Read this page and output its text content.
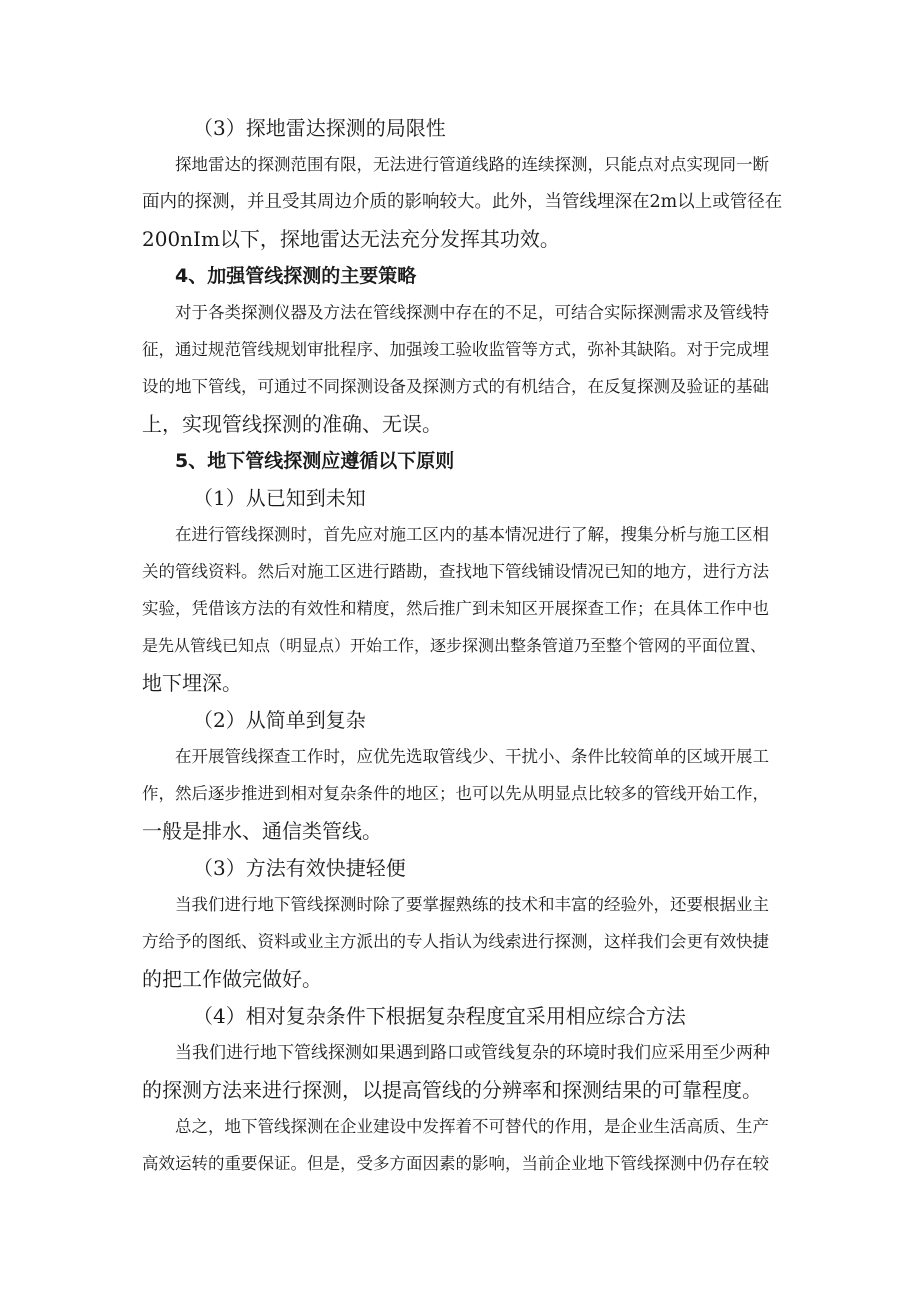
（3）探地雷达探测的局限性
探地雷达的探测范围有限，无法进行管道线路的连续探测，只能点对点实现同一断
面内的探测，并且受其周边介质的影响较大。此外，当管线埋深在2m以上或管径在
200nIm以下，探地雷达无法充分发挥其功效。
4、加强管线探测的主要策略
对于各类探测仪器及方法在管线探测中存在的不足，可结合实际探测需求及管线特
征，通过规范管线规划审批程序、加强竣工验收监管等方式，弥补其缺陷。对于完成埋
设的地下管线，可通过不同探测设备及探测方式的有机结合，在反复探测及验证的基础
上，实现管线探测的准确、无误。
5、地下管线探测应遵循以下原则
（1）从已知到未知
在进行管线探测时，首先应对施工区内的基本情况进行了解，搜集分析与施工区相
关的管线资料。然后对施工区进行踏勘，查找地下管线铺设情况已知的地方，进行方法
实验，凭借该方法的有效性和精度，然后推广到未知区开展探查工作；在具体工作中也
是先从管线已知点（明显点）开始工作，逐步探测出整条管道乃至整个管网的平面位置、
地下埋深。
（2）从简单到复杂
在开展管线探查工作时，应优先选取管线少、干扰小、条件比较简单的区域开展工
作，然后逐步推进到相对复杂条件的地区；也可以先从明显点比较多的管线开始工作，
一般是排水、通信类管线。
（3）方法有效快捷轻便
当我们进行地下管线探测时除了要掌握熟练的技术和丰富的经验外，还要根据业主
方给予的图纸、资料或业主方派出的专人指认为线索进行探测，这样我们会更有效快捷
的把工作做完做好。
（4）相对复杂条件下根据复杂程度宜采用相应综合方法
当我们进行地下管线探测如果遇到路口或管线复杂的环境时我们应采用至少两种
的探测方法来进行探测，以提高管线的分辨率和探测结果的可靠程度。
总之，地下管线探测在企业建设中发挥着不可替代的作用，是企业生活高质、生产
高效运转的重要保证。但是，受多方面因素的影响，当前企业地下管线探测中仍存在较
